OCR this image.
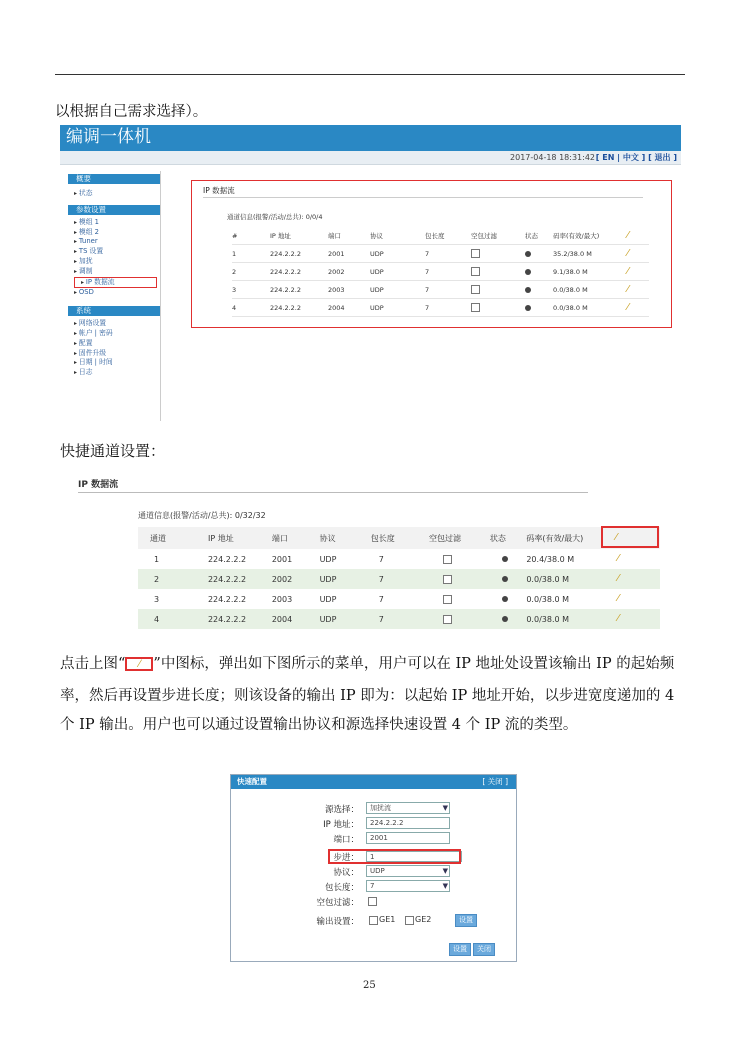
以根据自己需求选择）。
编调一体机
2017-04-18 18:31:42 [ EN | 中文 ] [ 退出 ]
概要
▸ 状态
参数设置
▸ 模组 1
▸ 模组 2
▸ Tuner
▸ TS 设置
▸ 加扰
▸ 调制
▸ IP 数据流
▸ OSD
系统
▸ 网络设置
▸ 帐户 | 密码
▸ 配置
▸ 固件升级
▸ 日期 | 时间
▸ 日志
IP 数据流
通道信息(报警/活动/总共): 0/0/4
#	IP 地址	端口	协议	包长度	空包过滤	状态	码率(有效/最大)	⁄
1	224.2.2.2	2001	UDP	7			35.2/38.0 M	⁄
2	224.2.2.2	2002	UDP	7			9.1/38.0 M	⁄
3	224.2.2.2	2003	UDP	7			0.0/38.0 M	⁄
4	224.2.2.2	2004	UDP	7			0.0/38.0 M	⁄
快捷通道设置：
IP 数据流
通道信息(报警/活动/总共): 0/32/32
通道	IP 地址	端口	协议	包长度	空包过滤	状态	码率(有效/最大)	⁄
1	224.2.2.2	2001	UDP	7			20.4/38.0 M	⁄
2	224.2.2.2	2002	UDP	7			0.0/38.0 M	⁄
3	224.2.2.2	2003	UDP	7			0.0/38.0 M	⁄
4	224.2.2.2	2004	UDP	7			0.0/38.0 M	⁄
点击上图“ ⁄ ”中图标，弹出如下图所示的菜单，用户可以在 IP 地址处设置该输出 IP 的起始频
率，然后再设置步进长度；则该设备的输出 IP 即为：以起始 IP 地址开始，以步进宽度递加的 4
个 IP 输出。用户也可以通过设置输出协议和源选择快速设置 4 个 IP 流的类型。
快速配置	[ 关闭 ]
源选择：	加扰流	▼
IP 地址：	224.2.2.2
端口：	2001
步进：	1
协议：	UDP	▼
包长度：	7	▼
空包过滤：
输出设置：	GE1 GE2	设置
设置	关闭
25
